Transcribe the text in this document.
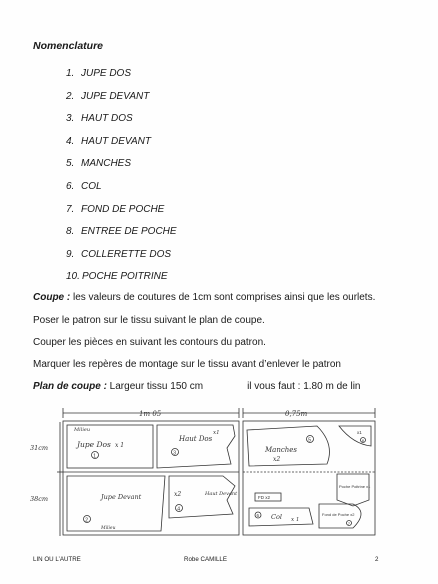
Nomenclature
1. JUPE DOS
2. JUPE DEVANT
3. HAUT DOS
4. HAUT DEVANT
5. MANCHES
6. COL
7. FOND DE POCHE
8. ENTREE DE POCHE
9. COLLERETTE DOS
10. POCHE POITRINE
Coupe : les valeurs de coutures de 1cm sont comprises ainsi que les ourlets.
Poser le patron sur le tissu suivant le plan de coupe.
Couper les pièces en suivant les contours du patron.
Marquer les repères de montage sur le tissu avant d’enlever le patron
Plan de coupe : Largeur tissu 150 cm	il vous faut : 1.80 m de lin
1m 05	0,75m
31cm
38cm
Milieu
Jupe Dos x 1
1
Haut Dos
x1
3
Jupe Devant
2
Milieu
x2	Haut Devant
4
Manches
x2
5
x1
8
FD x2
Poche Poitrine x1
Col x 1
6	Fond de Poche x2
7
LIN OU L’AUTRE	Robe CAMILLE	2
